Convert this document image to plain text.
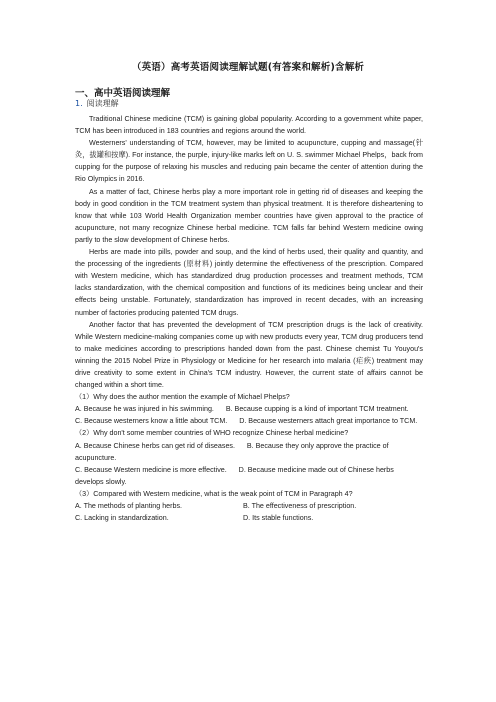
（英语）高考英语阅读理解试题(有答案和解析)含解析
一、高中英语阅读理解
1. 阅读理解

Traditional Chinese medicine (TCM) is gaining global popularity. According to a government white paper, TCM has been introduced in 183 countries and regions around the world.

Westerners' understanding of TCM, however, may be limited to acupuncture, cupping and massage(针灸，拔罐和按摩). For instance, the purple, injury-like marks left on U. S. swimmer Michael Phelps，back from cupping for the purpose of relaxing his muscles and reducing pain became the center of attention during the Rio Olympics in 2016.

As a matter of fact, Chinese herbs play a more important role in getting rid of diseases and keeping the body in good condition in the TCM treatment system than physical treatment. It is therefore disheartening to know that while 103 World Health Organization member countries have given approval to the practice of acupuncture, not many recognize Chinese herbal medicine. TCM falls far behind Western medicine owing partly to the slow development of Chinese herbs.

Herbs are made into pills, powder and soup, and the kind of herbs used, their quality and quantity, and the processing of the ingredients (原材料) jointly determine the effectiveness of the prescription. Compared with Western medicine, which has standardized drug production processes and treatment methods, TCM lacks standardization, with the chemical composition and functions of its medicines being unclear and their effects being unstable. Fortunately, standardization has improved in recent decades, with an increasing number of factories producing patented TCM drugs.

Another factor that has prevented the development of TCM prescription drugs is the lack of creativity. While Western medicine-making companies come up with new products every year, TCM drug producers tend to make medicines according to prescriptions handed down from the past. Chinese chemist Tu Youyou's winning the 2015 Nobel Prize in Physiology or Medicine for her research into malaria (疟疾) treatment may drive creativity to some extent in China's TCM industry. However, the current state of affairs cannot be changed within a short time.

（1）Why does the author mention the example of Michael Phelps?
A. Because he was injured in his swimming. B. Because cupping is a kind of important TCM treatment.
C. Because westerners know a little about TCM. D. Because westerners attach great importance to TCM.
（2）Why don't some member countries of WHO recognize Chinese herbal medicine?
A. Because Chinese herbs can get rid of diseases. B. Because they only approve the practice of acupuncture.
C. Because Western medicine is more effective. D. Because medicine made out of Chinese herbs develops slowly.
（3）Compared with Western medicine, what is the weak point of TCM in Paragraph 4?
A. The methods of planting herbs.	B. The effectiveness of prescription.
C. Lacking in standardization.	D. Its stable functions.
